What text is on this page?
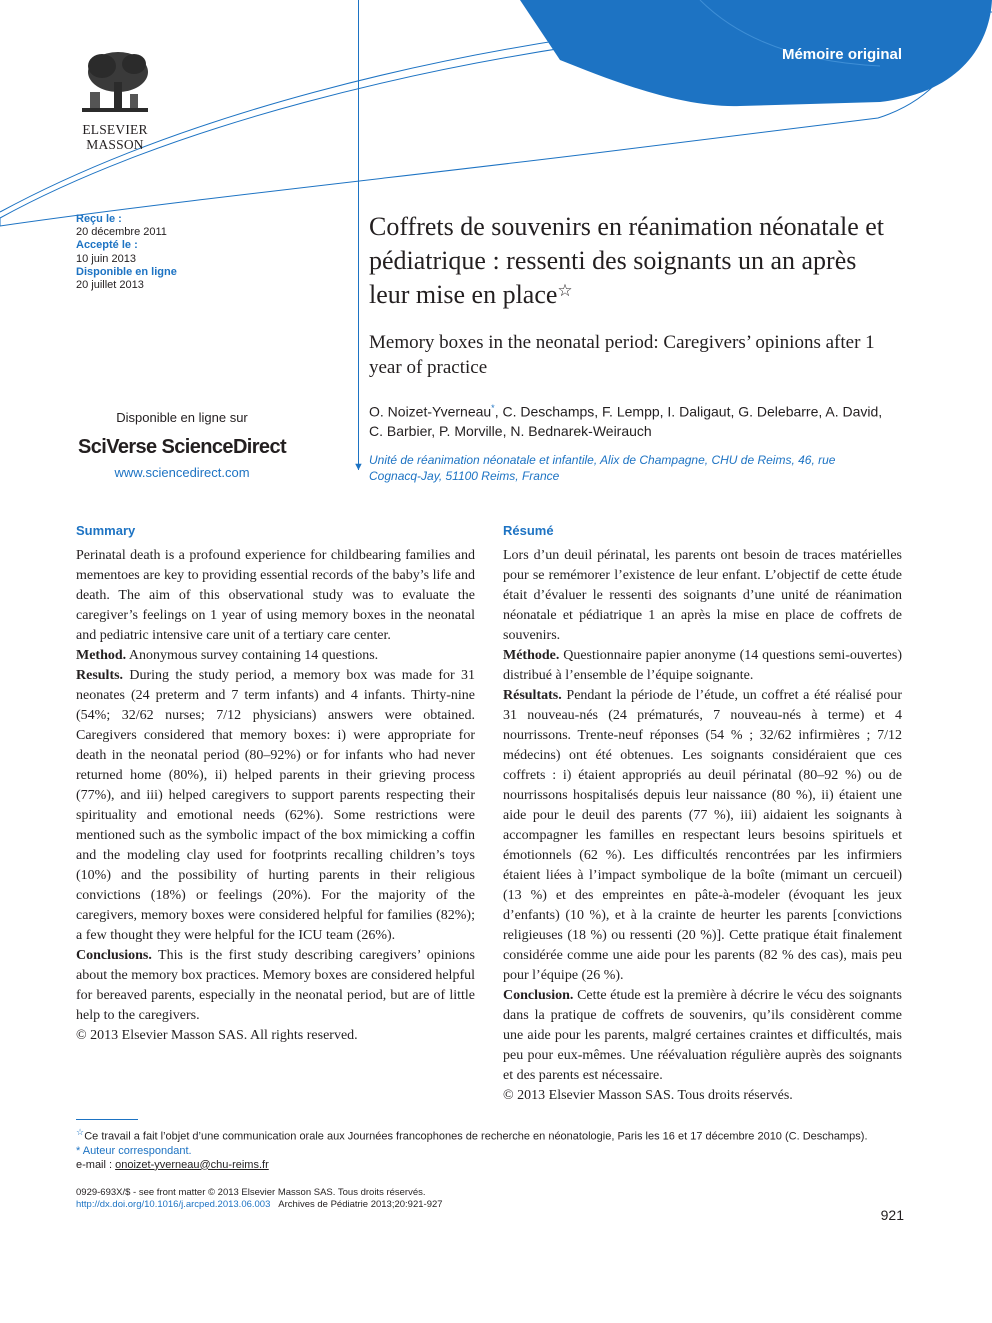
Mémoire original
ELSEVIER
MASSON
▼
Reçu le :
20 décembre 2011
Accepté le :
10 juin 2013
Disponible en ligne
20 juillet 2013
Disponible en ligne sur
SciVerse ScienceDirect
www.sciencedirect.com
Coffrets de souvenirs en réanimation néonatale et pédiatrique : ressenti des soignants un an après leur mise en place☆
Memory boxes in the neonatal period: Caregivers’ opinions after 1 year of practice
O. Noizet-Yverneau*, C. Deschamps, F. Lempp, I. Daligaut, G. Delebarre, A. David, C. Barbier, P. Morville, N. Bednarek-Weirauch
Unité de réanimation néonatale et infantile, Alix de Champagne, CHU de Reims, 46, rue Cognacq-Jay, 51100 Reims, France
Summary

Perinatal death is a profound experience for childbearing families and mementoes are key to providing essential records of the baby’s life and death. The aim of this observational study was to evaluate the caregiver’s feelings on 1 year of using memory boxes in the neonatal and pediatric intensive care unit of a tertiary care center.

Method. Anonymous survey containing 14 questions.

Results. During the study period, a memory box was made for 31 neonates (24 preterm and 7 term infants) and 4 infants. Thirty-nine (54%; 32/62 nurses; 7/12 physicians) answers were obtained. Caregivers considered that memory boxes: i) were appropriate for death in the neonatal period (80–92%) or for infants who had never returned home (80%), ii) helped parents in their grieving process (77%), and iii) helped caregivers to support parents respecting their spirituality and emotional needs (62%). Some restrictions were mentioned such as the symbolic impact of the box mimicking a coffin and the modeling clay used for footprints recalling children’s toys (10%) and the possibility of hurting parents in their religious convictions (18%) or feelings (20%). For the majority of the caregivers, memory boxes were considered helpful for families (82%); a few thought they were helpful for the ICU team (26%).

Conclusions. This is the first study describing caregivers’ opinions about the memory box practices. Memory boxes are considered helpful for bereaved parents, especially in the neonatal period, but are of little help to the caregivers.

© 2013 Elsevier Masson SAS. All rights reserved.

Résumé

Lors d’un deuil périnatal, les parents ont besoin de traces matérielles pour se remémorer l’existence de leur enfant. L’objectif de cette étude était d’évaluer le ressenti des soignants d’une unité de réanimation néonatale et pédiatrique 1 an après la mise en place de coffrets de souvenirs.

Méthode. Questionnaire papier anonyme (14 questions semi-ouvertes) distribué à l’ensemble de l’équipe soignante.

Résultats. Pendant la période de l’étude, un coffret a été réalisé pour 31 nouveau-nés (24 prématurés, 7 nouveau-nés à terme) et 4 nourrissons. Trente-neuf réponses (54 % ; 32/62 infirmières ; 7/12 médecins) ont été obtenues. Les soignants considéraient que ces coffrets : i) étaient appropriés au deuil périnatal (80–92 %) ou de nourrissons hospitalisés depuis leur naissance (80 %), ii) étaient une aide pour le deuil des parents (77 %), iii) aidaient les soignants à accompagner les familles en respectant leurs besoins spirituels et émotionnels (62 %). Les difficultés rencontrées par les infirmiers étaient liées à l’impact symbolique de la boîte (mimant un cercueil) (13 %) et des empreintes en pâte-à-modeler (évoquant les jeux d’enfants) (10 %), et à la crainte de heurter les parents [convictions religieuses (18 %) ou ressenti (20 %)]. Cette pratique était finalement considérée comme une aide pour les parents (82 % des cas), mais peu pour l’équipe (26 %).

Conclusion. Cette étude est la première à décrire le vécu des soignants dans la pratique de coffrets de souvenirs, qu’ils considèrent comme une aide pour les parents, malgré certaines craintes et difficultés, mais peu pour eux-mêmes. Une réévaluation régulière auprès des soignants et des parents est nécessaire.

© 2013 Elsevier Masson SAS. Tous droits réservés.

☆Ce travail a fait l’objet d’une communication orale aux Journées francophones de recherche en néonatologie, Paris les 16 et 17 décembre 2010 (C. Deschamps).
* Auteur correspondant.
e-mail : onoizet-yverneau@chu-reims.fr
0929-693X/$ - see front matter © 2013 Elsevier Masson SAS. Tous droits réservés.
http://dx.doi.org/10.1016/j.arcped.2013.06.003 Archives de Pédiatrie 2013;20:921-927
921
